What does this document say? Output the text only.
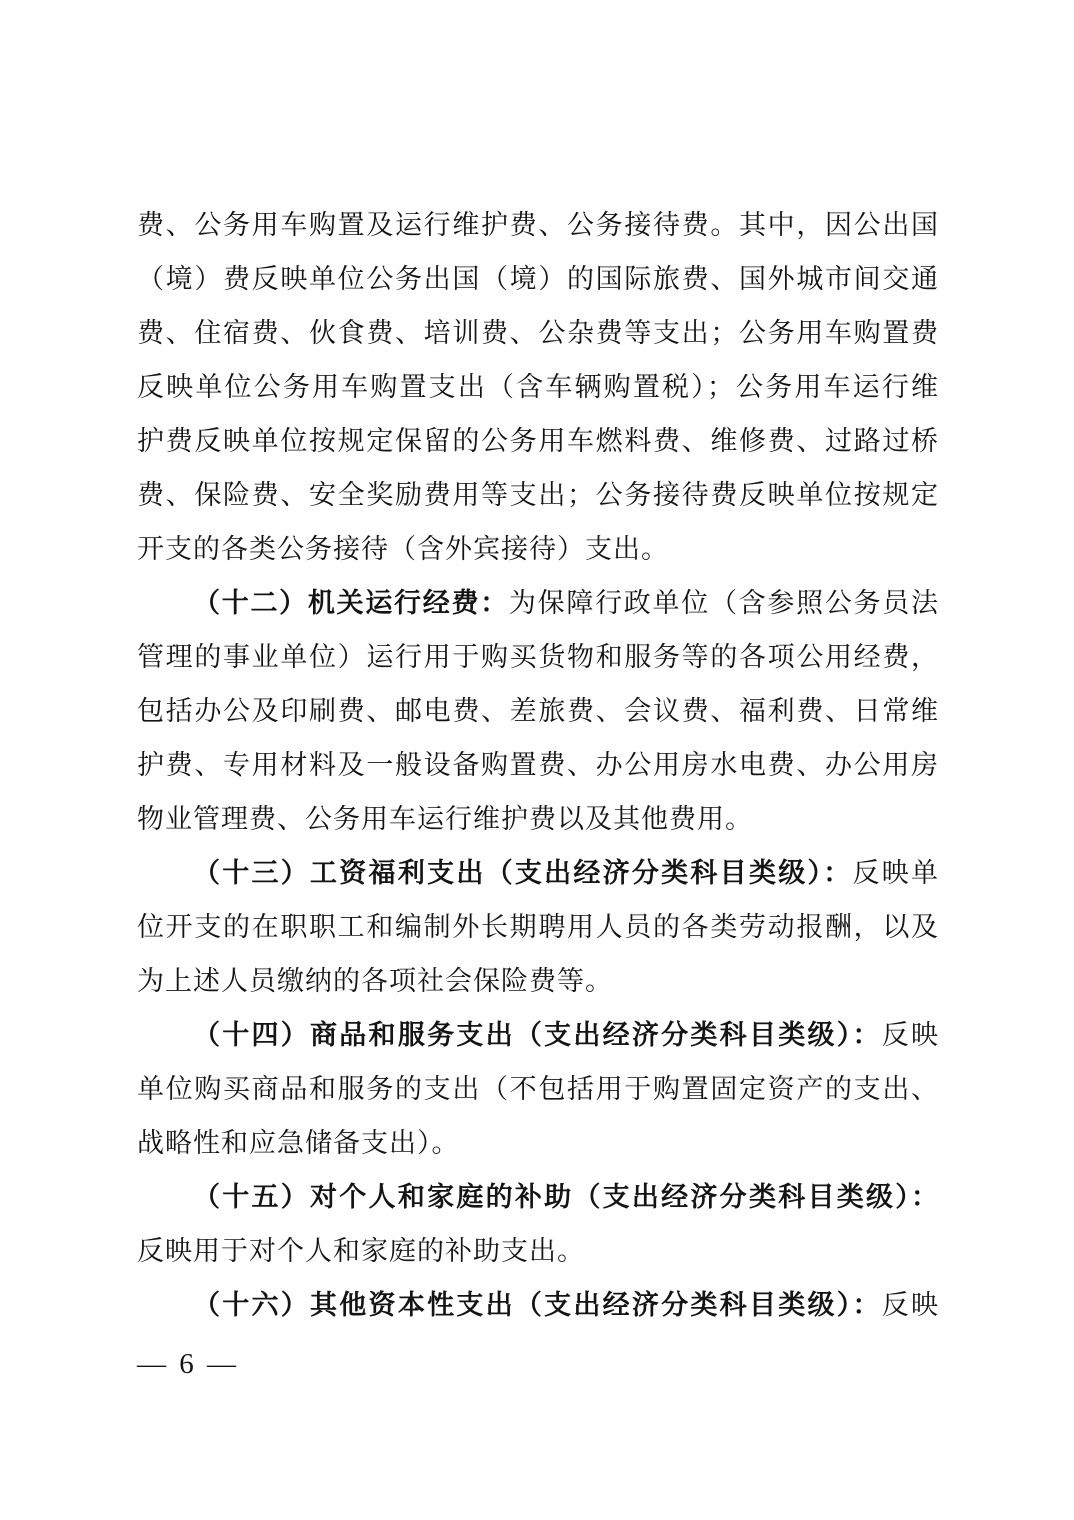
费、公务用车购置及运行维护费、公务接待费。其中，因公出国
（境）费反映单位公务出国（境）的国际旅费、国外城市间交通
费、住宿费、伙食费、培训费、公杂费等支出；公务用车购置费
反映单位公务用车购置支出（含车辆购置税）；公务用车运行维
护费反映单位按规定保留的公务用车燃料费、维修费、过路过桥
费、保险费、安全奖励费用等支出；公务接待费反映单位按规定
开支的各类公务接待（含外宾接待）支出。
（十二）机关运行经费：为保障行政单位（含参照公务员法
管理的事业单位）运行用于购买货物和服务等的各项公用经费，
包括办公及印刷费、邮电费、差旅费、会议费、福利费、日常维
护费、专用材料及一般设备购置费、办公用房水电费、办公用房
物业管理费、公务用车运行维护费以及其他费用。
（十三）工资福利支出（支出经济分类科目类级）：反映单
位开支的在职职工和编制外长期聘用人员的各类劳动报酬，以及
为上述人员缴纳的各项社会保险费等。
（十四）商品和服务支出（支出经济分类科目类级）：反映
单位购买商品和服务的支出（不包括用于购置固定资产的支出、
战略性和应急储备支出）。
（十五）对个人和家庭的补助（支出经济分类科目类级）：
反映用于对个人和家庭的补助支出。
（十六）其他资本性支出（支出经济分类科目类级）：反映
— 6 —
